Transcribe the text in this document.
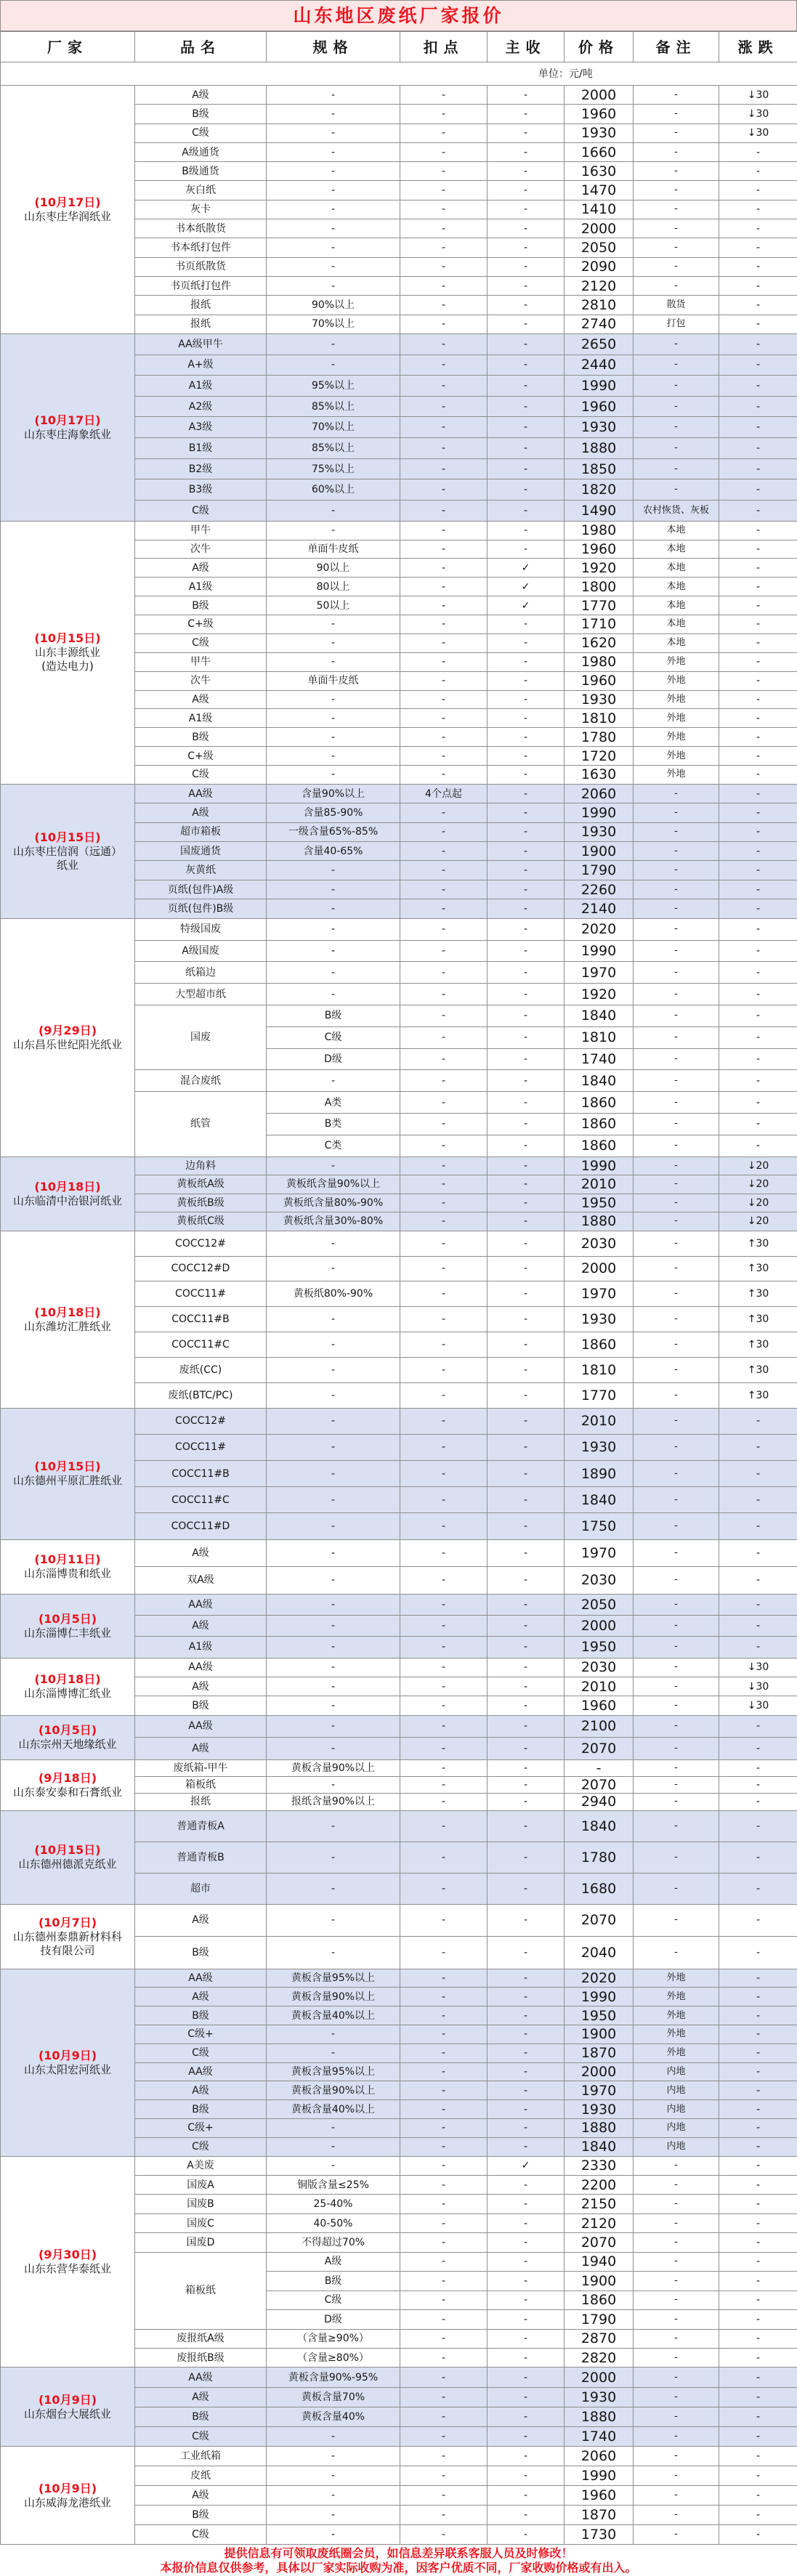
山东地区废纸厂家报价
厂家	品名	规格	扣点	主收	价格	备注	涨跌
单位：元/吨							

(10月17日)
山东枣庄华润纸业	A级	-	-	-	2000	-	↓30
	B级	-	-	-	1960	-	↓30
	C级	-	-	-	1930	-	↓30
	A级通货	-	-	-	1660	-	-
	B级通货	-	-	-	1630	-	-
	灰白纸	-	-	-	1470	-	-
	灰卡	-	-	-	1410	-	-
	书本纸散货	-	-	-	2000	-	-
	书本纸打包件	-	-	-	2050	-	-
	书页纸散货	-	-	-	2090	-	-
	书页纸打包件	-	-	-	2120	-	-
	报纸	90%以上	-	-	2810	散货	-
	报纸	70%以上	-	-	2740	打包	-

(10月17日)
山东枣庄海象纸业	AA级甲牛	-	-	-	2650	-	-
	A+级	-	-	-	2440	-	-
	A1级	95%以上	-	-	1990	-	-
	A2级	85%以上	-	-	1960	-	-
	A3级	70%以上	-	-	1930	-	-
	B1级	85%以上	-	-	1880	-	-
	B2级	75%以上	-	-	1850	-	-
	B3级	60%以上	-	-	1820	-	-
	C级	-	-	-	1490	农村恢货、灰板	-

(10月15日)
山东丰源纸业
(造达电力)	甲牛	-	-	-	1980	本地	-
	次牛	单面牛皮纸	-	-	1960	本地	-
	A级	90以上	-	✓	1920	本地	-
	A1级	80以上	-	✓	1800	本地	-
	B级	50以上	-	✓	1770	本地	-
	C+级	-	-	-	1710	本地	-
	C级	-	-	-	1620	本地	-
	甲牛	-	-	-	1980	外地	-
	次牛	单面牛皮纸	-	-	1960	外地	-
	A级	-	-	-	1930	外地	-
	A1级	-	-	-	1810	外地	-
	B级	-	-	-	1780	外地	-
	C+级	-	-	-	1720	外地	-
	C级	-	-	-	1630	外地	-

(10月15日)
山东枣庄信润（远通）
纸业	AA级	含量90%以上	4个点起	-	2060	-	-
	A级	含量85-90%	-	-	1990	-	-
	超市箱板	一级含量65%-85%	-	-	1930	-	-
	国废通货	含量40-65%	-	-	1900	-	-
	灰黄纸	-	-	-	1790	-	-
	页纸(包件)A级	-	-	-	2260	-	-
	页纸(包件)B级	-	-	-	2140	-	-

(9月29日)
山东昌乐世纪阳光纸业	特级国废	-	-	-	2020	-	-
	A级国废	-	-	-	1990	-	-
	纸箱边	-	-	-	1970	-	-
	大型超市纸	-	-	-	1920	-	-
	国废	B级	-	-	1840	-	-
		C级	-	-	1810	-	-
		D级	-	-	1740	-	-
	混合废纸	-	-	-	1840	-	-
	纸管	A类	-	-	1860	-	-
		B类	-	-	1860	-	-
		C类	-	-	1860	-	-

(10月18日)
山东临清中治银河纸业	边角料	-	-	-	1990	-	↓20
	黄板纸A级	黄板纸含量90%以上	-	-	2010	-	↓20
	黄板纸B级	黄板纸含量80%-90%	-	-	1950	-	↓20
	黄板纸C级	黄板纸含量30%-80%	-	-	1880	-	↓20

(10月18日)
山东潍坊汇胜纸业	COCC12#	-	-	-	2030	-	↑30
	COCC12#D	-	-	-	2000	-	↑30
	COCC11#	黄板纸80%-90%	-	-	1970	-	↑30
	COCC11#B	-	-	-	1930	-	↑30
	COCC11#C	-	-	-	1860	-	↑30
	废纸(CC)	-	-	-	1810	-	↑30
	废纸(BTC/PC)	-	-	-	1770	-	↑30

(10月15日)
山东德州平原汇胜纸业	COCC12#	-	-	-	2010	-	-
	COCC11#	-	-	-	1930	-	-
	COCC11#B	-	-	-	1890	-	-
	COCC11#C	-	-	-	1840	-	-
	COCC11#D	-	-	-	1750	-	-

(10月11日)
山东淄博贵和纸业	A级	-	-	-	1970	-	-
	双A级	-	-	-	2030	-	-

(10月5日)
山东淄博仁丰纸业	AA级	-	-	-	2050	-	-
	A级	-	-	-	2000	-	-
	A1级	-	-	-	1950	-	-

(10月18日)
山东淄博博汇纸业	AA级	-	-	-	2030	-	↓30
	A级	-	-	-	2010	-	↓30
	B级	-	-	-	1960	-	↓30

(10月5日)
山东宗州天地缘纸业	AA级	-	-	-	2100	-	-
	A级	-	-	-	2070	-	-

(9月18日)
山东泰安泰和石膏纸业	废纸箱-甲牛	黄板含量90%以上	-	-	-	-	-
	箱板纸	-	-	-	2070	-	-
	报纸	报纸含量90%以上	-	-	2940	-	-

(10月15日)
山东德州德派克纸业	普通青板A	-	-	-	1840	-	-
	普通青板B	-	-	-	1780	-	-
	超市	-	-	-	1680	-	-

(10月7日)
山东德州泰鼎新材料科
技有限公司	A级	-	-	-	2070	-	-
	B级	-	-	-	2040	-	-

(10月9日)
山东太阳宏河纸业	AA级	黄板含量95%以上	-	-	2020	外地	-
	A级	黄板含量90%以上	-	-	1990	外地	-
	B级	黄板含量40%以上	-	-	1950	外地	-
	C级+	-	-	-	1900	外地	-
	C级	-	-	-	1870	外地	-
	AA级	黄板含量95%以上	-	-	2000	内地	-
	A级	黄板含量90%以上	-	-	1970	内地	-
	B级	黄板含量40%以上	-	-	1930	内地	-
	C级+	-	-	-	1880	内地	-
	C级	-	-	-	1840	内地	-

(9月30日)
山东东营华泰纸业	A美废	-	-	✓	2330	-	-
	国废A	铜版含量≤25%	-	-	2200	-	-
	国废B	25-40%	-	-	2150	-	-
	国废C	40-50%	-	-	2120	-	-
	国废D	不得超过70%	-	-	2070	-	-
	箱板纸	A级	-	-	1940	-	-
		B级	-	-	1900	-	-
		C级	-	-	1860	-	-
		D级	-	-	1790	-	-
	废报纸A级	（含量≥90%）	-	-	2870	-	-
	废报纸B级	（含量≥80%）	-	-	2820	-	-

(10月9日)
山东烟台大展纸业	AA级	黄板含量90%-95%	-	-	2000	-	-
	A级	黄板含量70%	-	-	1930	-	-
	B级	黄板含量40%	-	-	1880	-	-
	C级	-	-	-	1740	-	-

(10月9日)
山东威海龙港纸业	工业纸箱	-	-	-	2060	-	-
	皮纸	-	-	-	1990	-	-
	A级	-	-	-	1960	-	-
	B级	-	-	-	1870	-	-
	C级	-	-	-	1730	-	-
提供信息有可领取废纸圈会员，如信息差异联系客服人员及时修改！
本报价信息仅供参考，具体以厂家实际收购为准，因客户优质不同，厂家收购价格或有出入。
